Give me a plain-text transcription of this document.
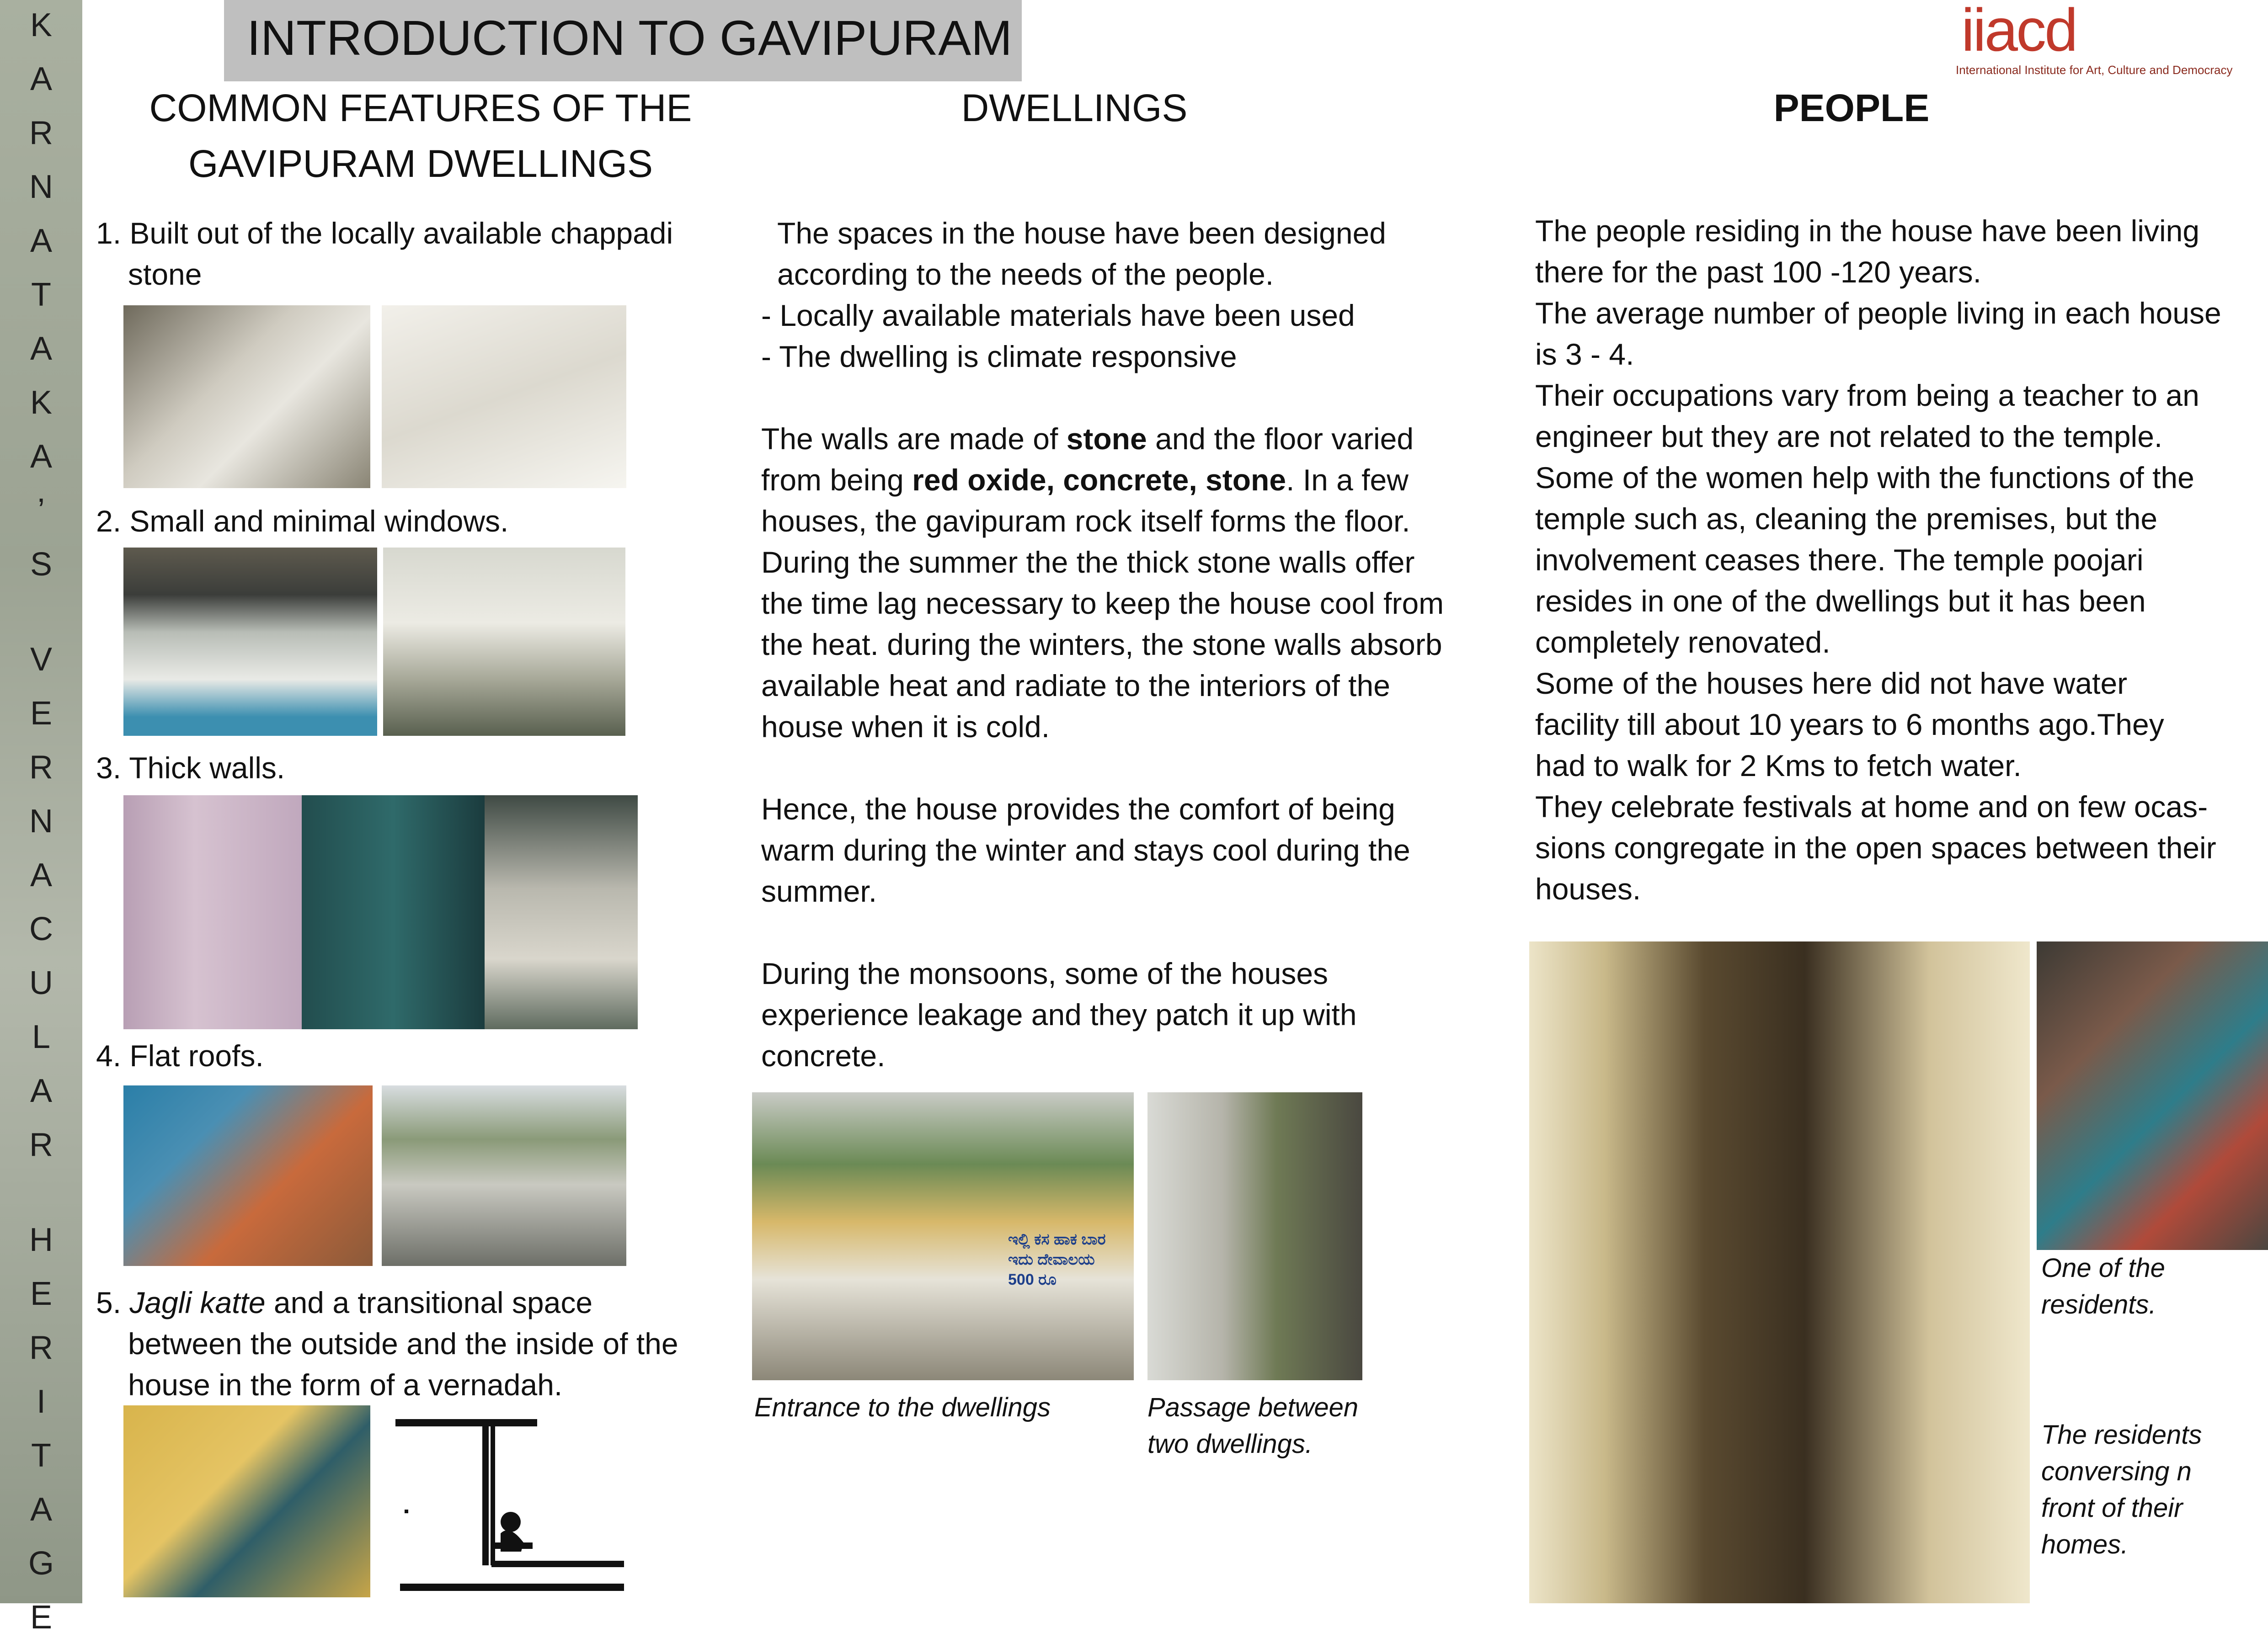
K
A
R
N
A
T
A
K
A
’
S
V
E
R
N
A
C
U
L
A
R
H
E
R
I
T
A
G
E
INTRODUCTION TO GAVIPURAM	iiacd
International Institute for Art, Culture and Democracy
COMMON FEATURES OF THE
GAVIPURAM DWELLINGS
DWELLINGS	PEOPLE
1. Built out of the locally available chappadi
stone
2. Small and minimal windows.
3. Thick walls.
4. Flat roofs.
5. Jagli katte and a transitional space
between the outside and the inside of the
house in the form of a vernadah.
The spaces in the house have been designed
according to the needs of the people.
- Locally available materials have been used
- The dwelling is climate responsive
The walls are made of stone and the floor varied
from being red oxide, concrete, stone. In a few
houses, the gavipuram rock itself forms the floor.
During the summer the the thick stone walls offer
the time lag necessary to keep the house cool from
the heat. during the winters, the stone walls absorb
available heat and radiate to the interiors of the
house when it is cold.
Hence, the house provides the comfort of being
warm during the winter and stays cool during the
summer.
During the monsoons, some of the houses
experience leakage and they patch it up with
concrete.
ಇಲ್ಲಿ ಕಸ ಹಾಕ ಬಾರ
ಇದು ದೇವಾಲಯ
500 ರೂ
Entrance to the dwellings	Passage between
two dwellings.
The people residing in the house have been living
there for the past 100 -120 years.
The average number of people living in each house
is 3 - 4.
Their occupations vary from being a teacher to an
engineer but they are not related to the temple.
Some of the women help with the functions of the
temple such as, cleaning the premises, but the
involvement ceases there. The temple poojari
resides in one of the dwellings but it has been
completely renovated.
Some of the houses here did not have water
facility till about 10 years to 6 months ago.They
had to walk for 2 Kms to fetch water.
They celebrate festivals at home and on few ocas-
sions congregate in the open spaces between their
houses.
One of the
residents.
The residents
conversing n
front of their
homes.
